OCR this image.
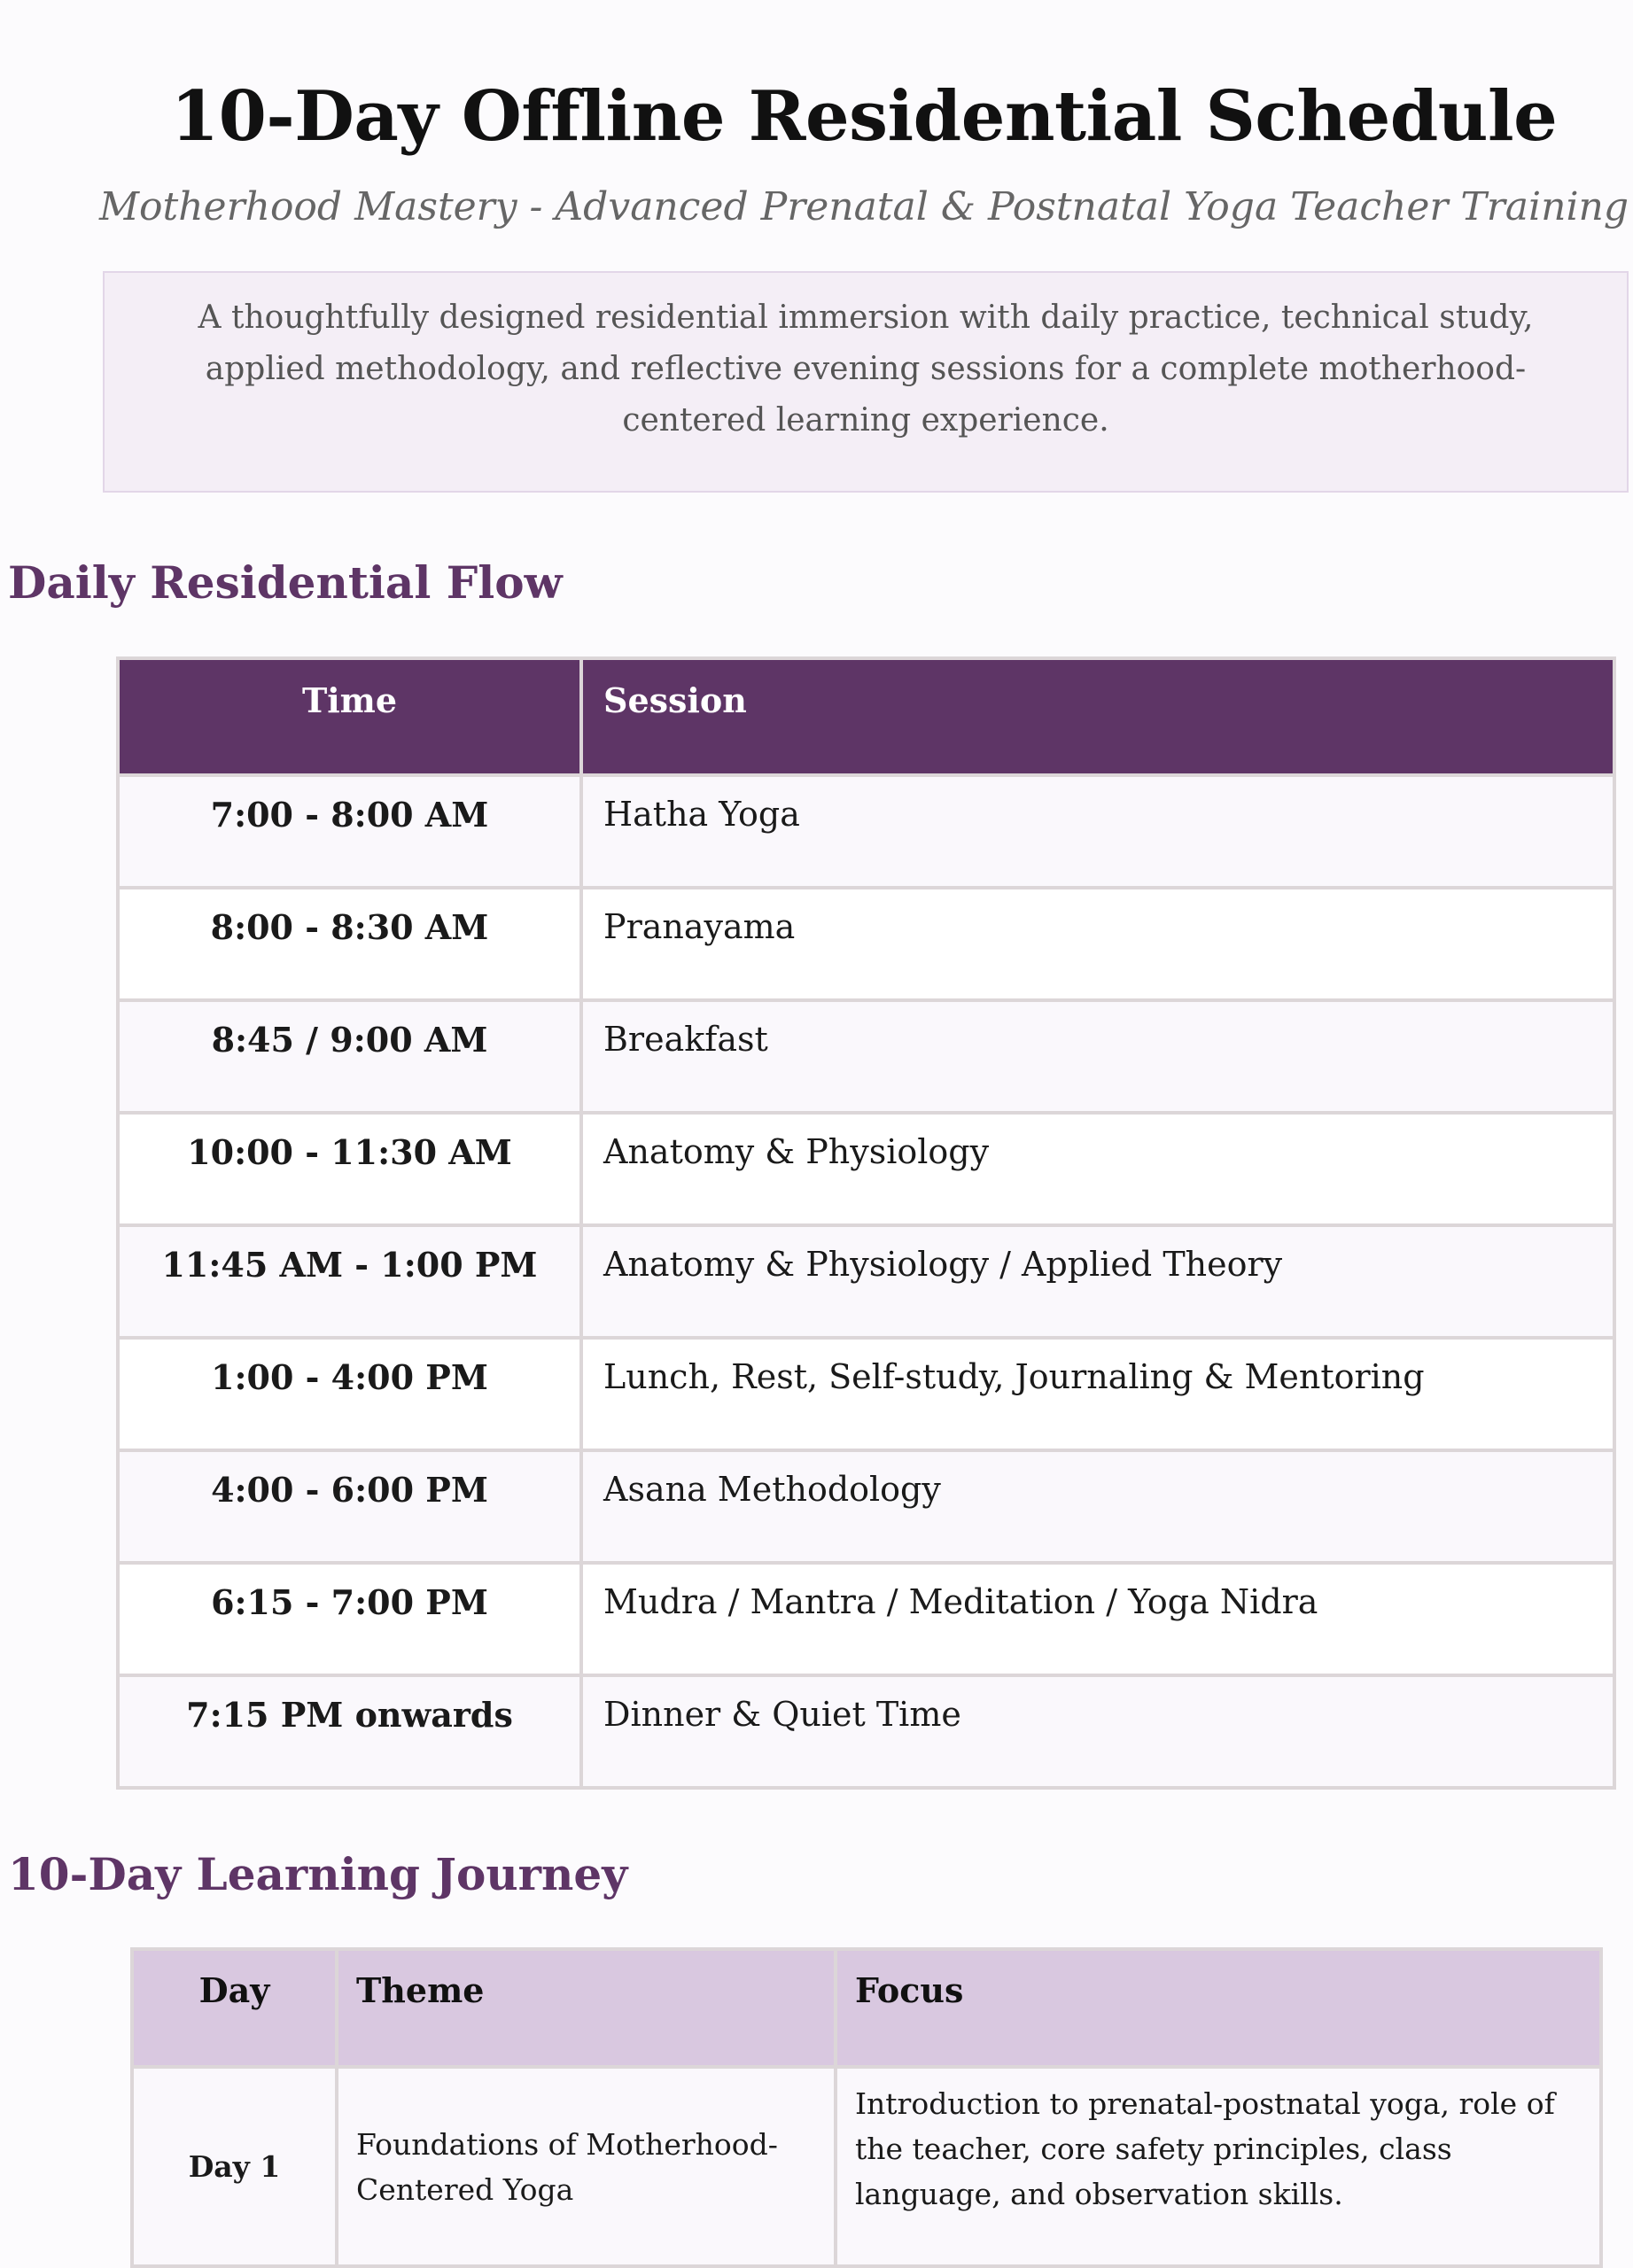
10-Day Offline Residential Schedule
Motherhood Mastery - Advanced Prenatal & Postnatal Yoga Teacher Training
A thoughtfully designed residential immersion with daily practice, technical study, applied methodology, and reflective evening sessions for a complete motherhood-centered learning experience.
Daily Residential Flow
Time	Session
7:00 - 8:00 AM	Hatha Yoga
8:00 - 8:30 AM	Pranayama
8:45 / 9:00 AM	Breakfast
10:00 - 11:30 AM	Anatomy & Physiology
11:45 AM - 1:00 PM	Anatomy & Physiology / Applied Theory
1:00 - 4:00 PM	Lunch, Rest, Self-study, Journaling & Mentoring
4:00 - 6:00 PM	Asana Methodology
6:15 - 7:00 PM	Mudra / Mantra / Meditation / Yoga Nidra
7:15 PM onwards	Dinner & Quiet Time
10-Day Learning Journey
Day	Theme	Focus
Day 1	Foundations of Motherhood-Centered Yoga	Introduction to prenatal-postnatal yoga, role of the teacher, core safety principles, class language, and observation skills.
